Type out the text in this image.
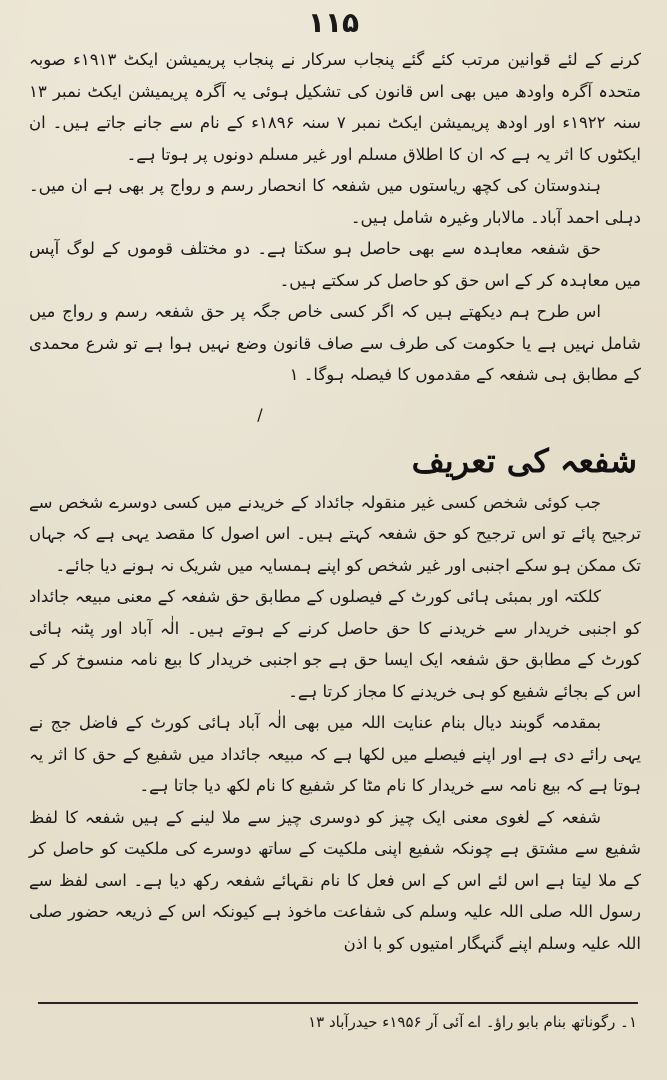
۱۱۵

کرنے کے لئے قوانین مرتب کئے گئے پنجاب سرکار نے پنجاب پریمیشن ایکٹ ۱۹۱۳ء صوبہ متحدہ آگرہ واودھ میں بھی اس قانون کی تشکیل ہوئی یہ آگرہ پریمیشن ایکٹ نمبر ۱۳ سنہ ۱۹۲۲ء اور اودھ پریمیشن ایکٹ نمبر ۷ سنہ ۱۸۹۶ء کے نام سے جانے جاتے ہیں۔ ان ایکٹوں کا اثر یہ ہے کہ ان کا اطلاق مسلم اور غیر مسلم دونوں پر ہوتا ہے۔

ہندوستان کی کچھ ریاستوں میں شفعہ کا انحصار رسم و رواج پر بھی ہے ان میں۔ دہلی احمد آباد۔ مالابار وغیرہ شامل ہیں۔

حق شفعہ معاہدہ سے بھی حاصل ہو سکتا ہے۔ دو مختلف قوموں کے لوگ آپس میں معاہدہ کر کے اس حق کو حاصل کر سکتے ہیں۔

اس طرح ہم دیکھتے ہیں کہ اگر کسی خاص جگہ پر حق شفعہ رسم و رواج میں شامل نہیں ہے یا حکومت کی طرف سے صاف قانون وضع نہیں ہوا ہے تو شرع محمدی کے مطابق ہی شفعہ کے مقدموں کا فیصلہ ہوگا۔ ۱

/
شفعہ کی تعریف

جب کوئی شخص کسی غیر منقولہ جائداد کے خریدنے میں کسی دوسرے شخص سے ترجیح پائے تو اس ترجیح کو حق شفعہ کہتے ہیں۔ اس اصول کا مقصد یہی ہے کہ جہاں تک ممکن ہو سکے اجنبی اور غیر شخص کو اپنے ہمسایہ میں شریک نہ ہونے دیا جائے۔

کلکتہ اور بمبئی ہائی کورٹ کے فیصلوں کے مطابق حق شفعہ کے معنی مبیعہ جائداد کو اجنبی خریدار سے خریدنے کا حق حاصل کرنے کے ہوتے ہیں۔ الٰہ آباد اور پٹنہ ہائی کورٹ کے مطابق حق شفعہ ایک ایسا حق ہے جو اجنبی خریدار کا بیع نامہ منسوخ کر کے اس کے بجائے شفیع کو ہی خریدنے کا مجاز کرتا ہے۔

بمقدمہ گوبند دیال بنام عنایت اللہ میں بھی الٰہ آباد ہائی کورٹ کے فاضل جج نے یہی رائے دی ہے اور اپنے فیصلے میں لکھا ہے کہ مبیعہ جائداد میں شفیع کے حق کا اثر یہ ہوتا ہے کہ بیع نامہ سے خریدار کا نام مٹا کر شفیع کا نام لکھ دیا جاتا ہے۔

شفعہ کے لغوی معنی ایک چیز کو دوسری چیز سے ملا لینے کے ہیں شفعہ کا لفظ شفیع سے مشتق ہے چونکہ شفیع اپنی ملکیت کے ساتھ دوسرے کی ملکیت کو حاصل کر کے ملا لیتا ہے اس لئے اس کے اس فعل کا نام نقہائے شفعہ رکھ دیا ہے۔ اسی لفظ سے رسول اللہ صلی اللہ علیہ وسلم کی شفاعت ماخوذ ہے کیونکہ اس کے ذریعہ حضور صلی اللہ علیہ وسلم اپنے گنہگار امتیوں کو با اذن

۱۔ رگوناتھ بنام بابو راؤ۔ اے آئی آر ۱۹۵۶ء حیدرآباد ۱۳
